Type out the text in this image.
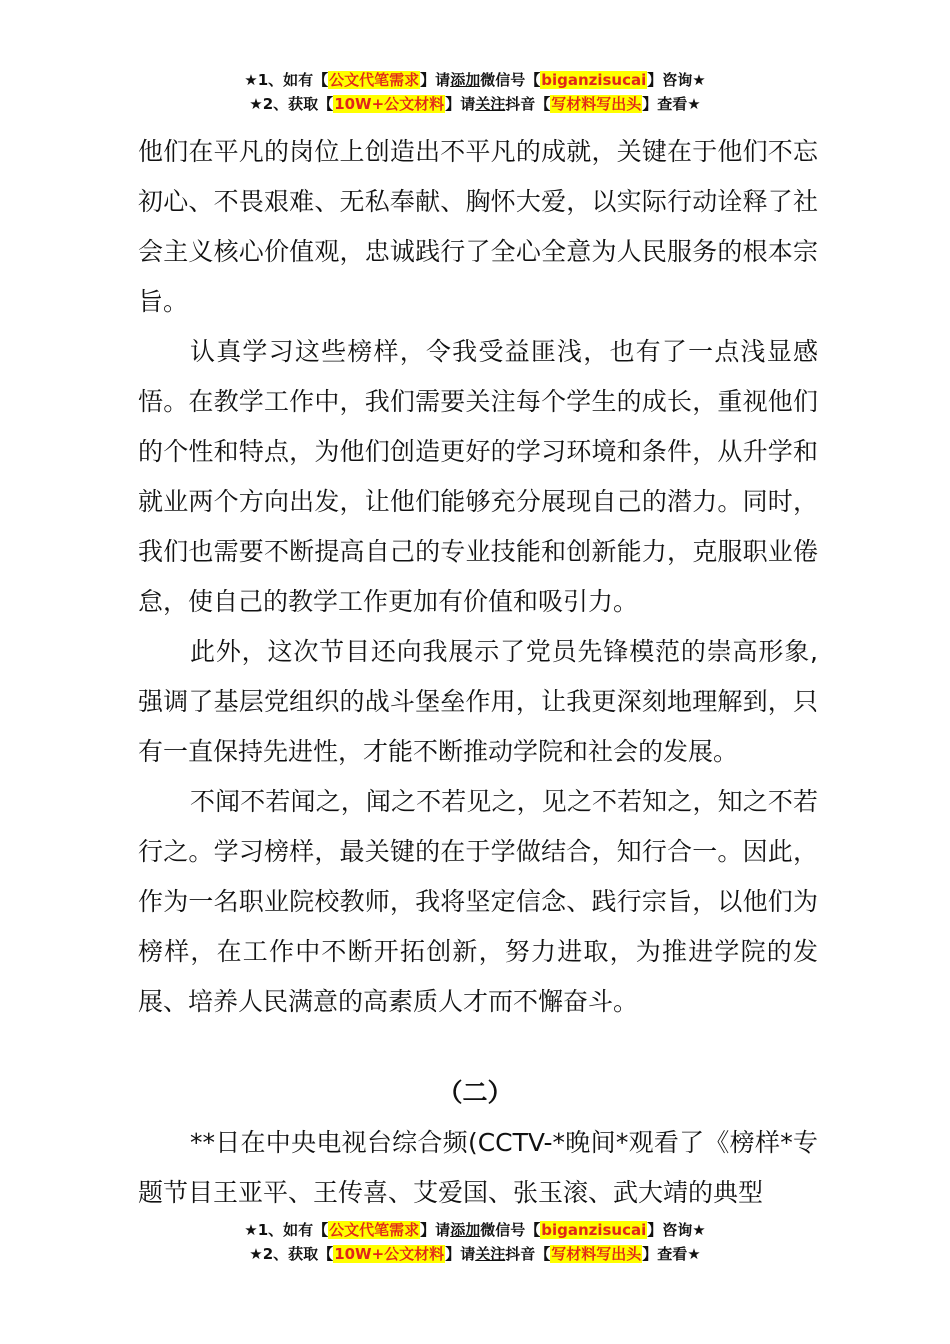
★1、如有【公文代笔需求】请添加微信号【biganzisucai】咨询★
★2、获取【10W+公文材料】请关注抖音【写材料写出头】查看★

他们在平凡的岗位上创造出不平凡的成就，关键在于他们不忘初心、不畏艰难、无私奉献、胸怀大爱，以实际行动诠释了社会主义核心价值观，忠诚践行了全心全意为人民服务的根本宗旨。

认真学习这些榜样，令我受益匪浅，也有了一点浅显感悟。在教学工作中，我们需要关注每个学生的成长，重视他们的个性和特点，为他们创造更好的学习环境和条件，从升学和就业两个方向出发，让他们能够充分展现自己的潜力。同时，我们也需要不断提高自己的专业技能和创新能力，克服职业倦怠，使自己的教学工作更加有价值和吸引力。

此外，这次节目还向我展示了党员先锋模范的崇高形象,强调了基层党组织的战斗堡垒作用，让我更深刻地理解到，只有一直保持先进性，才能不断推动学院和社会的发展。

不闻不若闻之，闻之不若见之，见之不若知之，知之不若行之。学习榜样，最关键的在于学做结合，知行合一。因此，作为一名职业院校教师，我将坚定信念、践行宗旨，以他们为榜样，在工作中不断开拓创新，努力进取，为推进学院的发展、培养人民满意的高素质人才而不懈奋斗。

（二）

**日在中央电视台综合频(CCTV-*晚间*观看了《榜样*专题节目王亚平、王传喜、艾爱国、张玉滚、武大靖的典型

★1、如有【公文代笔需求】请添加微信号【biganzisucai】咨询★
★2、获取【10W+公文材料】请关注抖音【写材料写出头】查看★
